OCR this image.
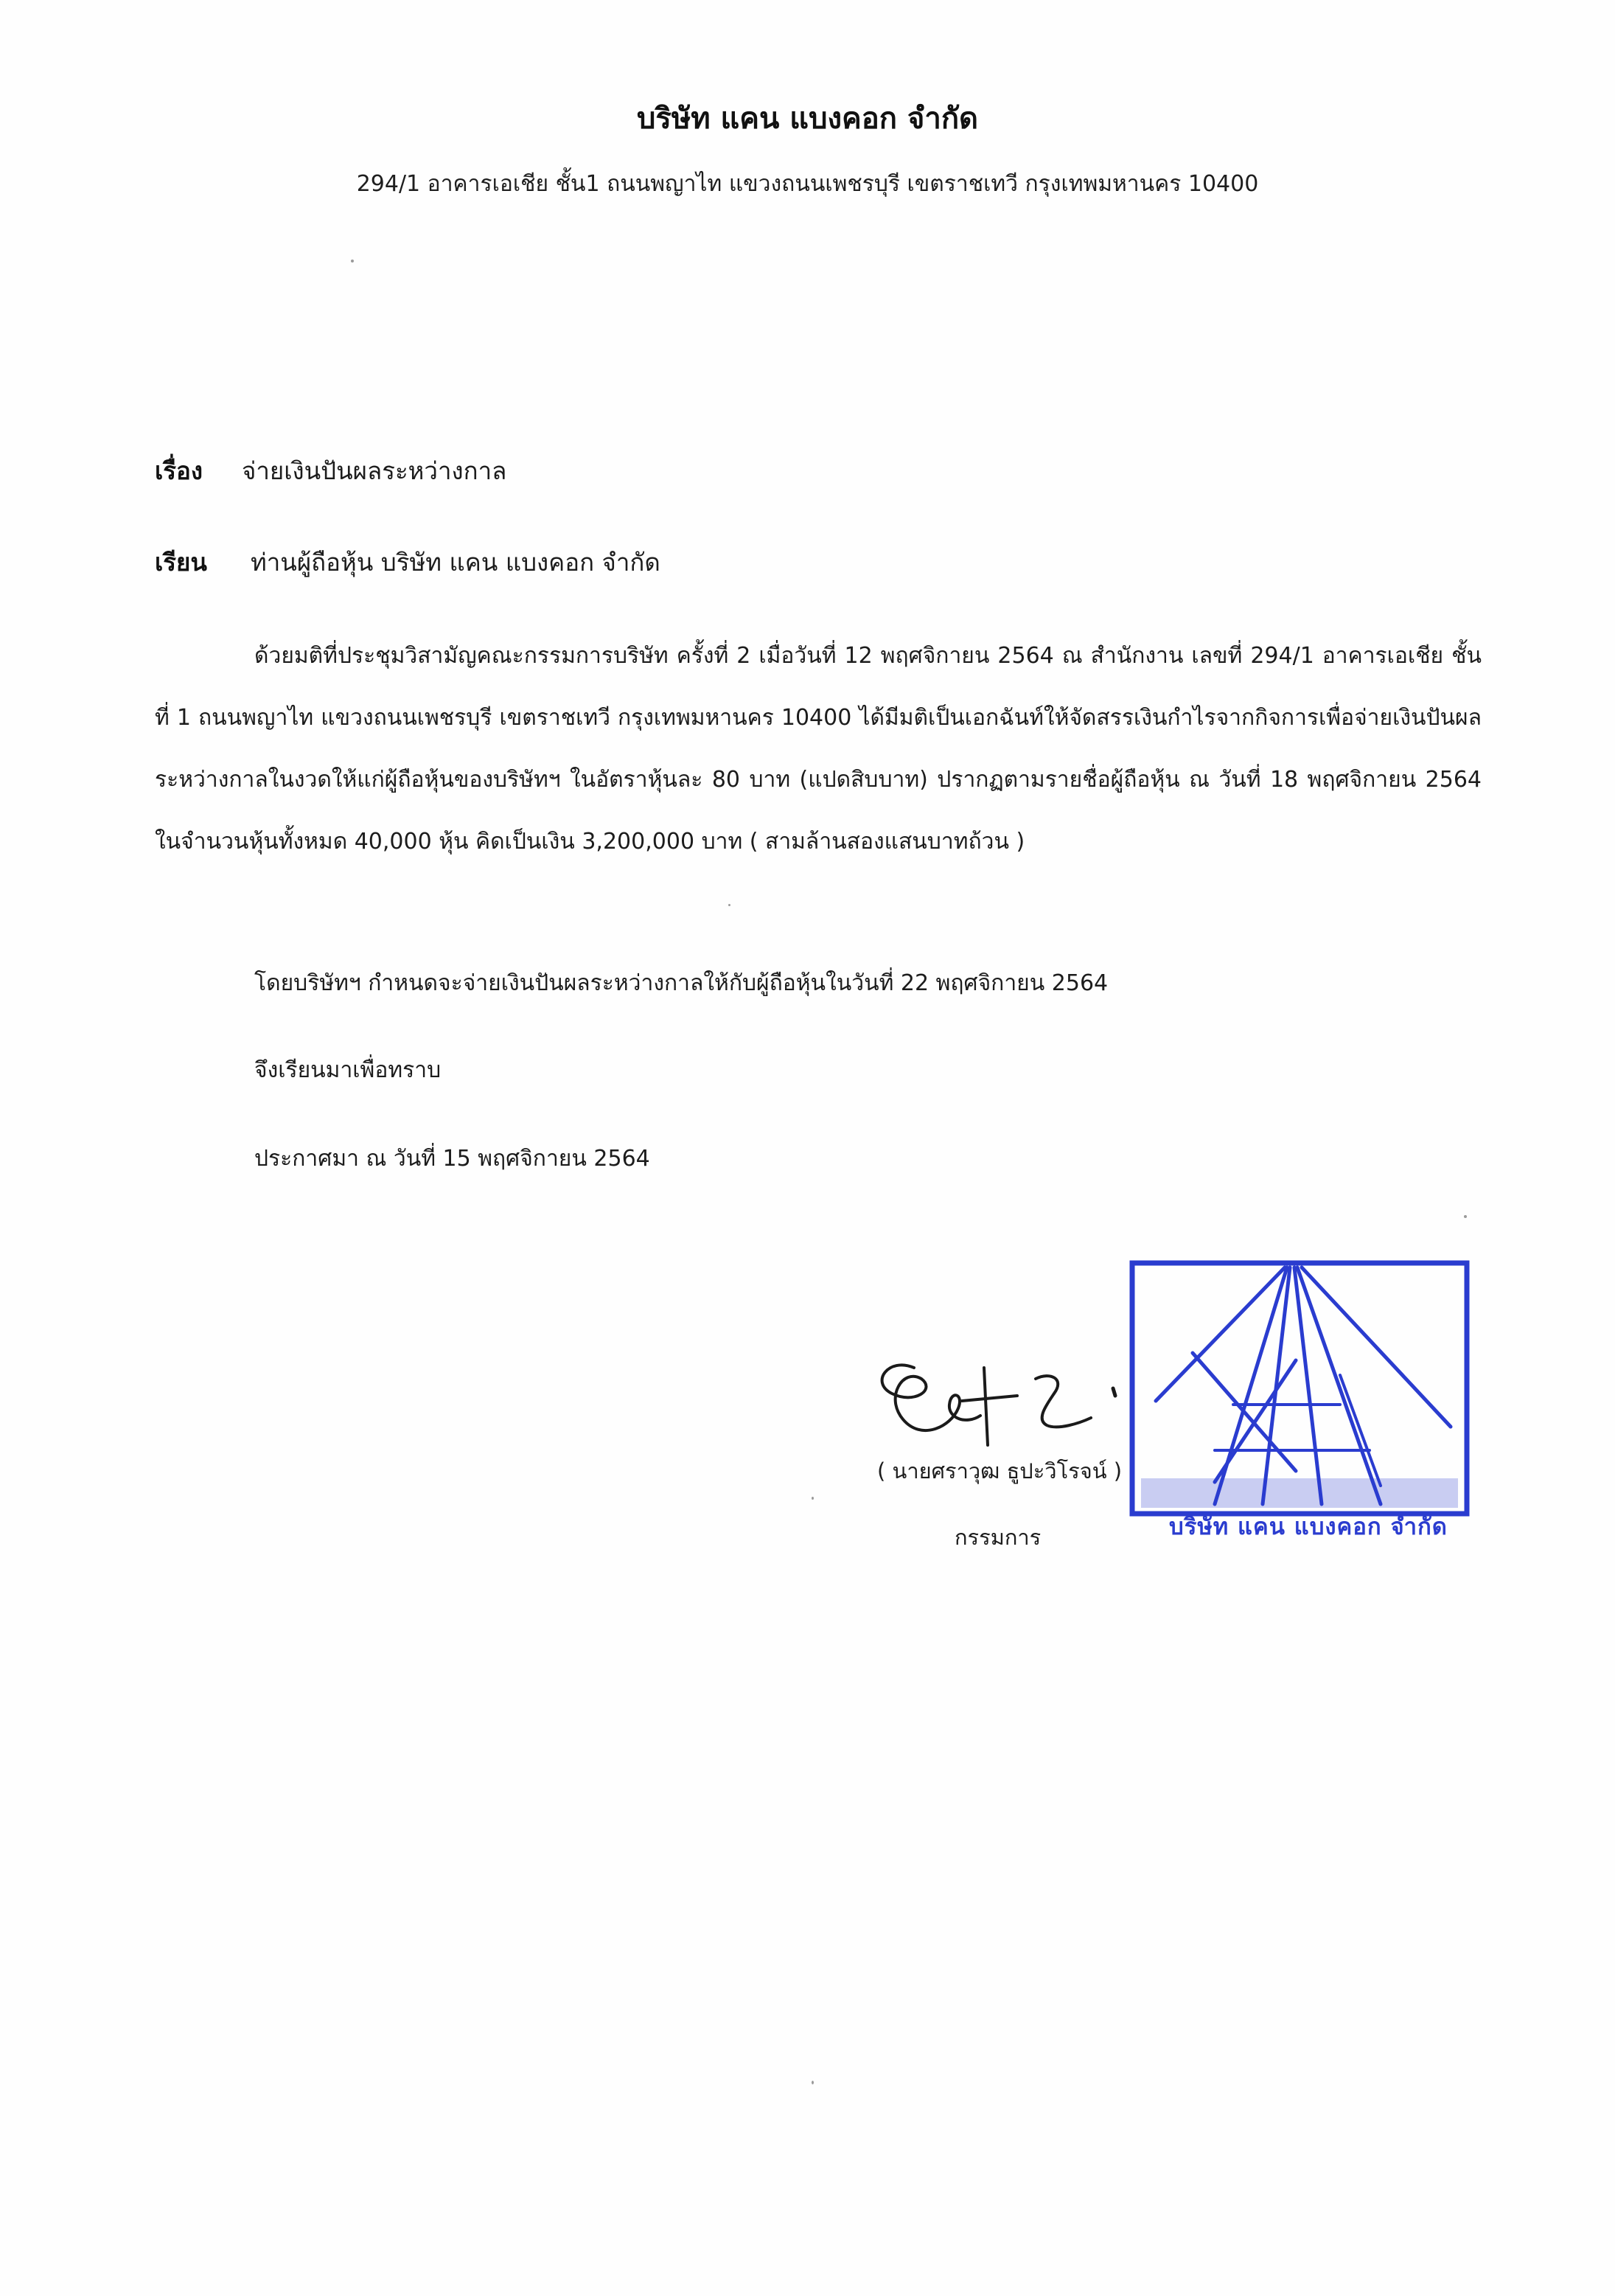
บริษัท แคน แบงคอก จำกัด

294/1 อาคารเอเชีย ชั้น1 ถนนพญาไท แขวงถนนเพชรบุรี เขตราชเทวี กรุงเทพมหานคร 10400

เรื่อง จ่ายเงินปันผลระหว่างกาล
เรียน ท่านผู้ถือหุ้น บริษัท แคน แบงคอก จำกัด

ด้วยมติที่ประชุมวิสามัญคณะกรรมการบริษัท ครั้งที่ 2 เมื่อวันที่ 12 พฤศจิกายน 2564 ณ สำนักงาน เลขที่ 294/1 อาคารเอเชีย ชั้นที่ 1 ถนนพญาไท แขวงถนนเพชรบุรี เขตราชเทวี กรุงเทพมหานคร 10400 ได้มีมติเป็นเอกฉันท์ให้จัดสรรเงินกำไรจากกิจการเพื่อจ่ายเงินปันผลระหว่างกาลในงวดให้แก่ผู้ถือหุ้นของบริษัทฯ ในอัตราหุ้นละ 80 บาท (แปดสิบบาท) ปรากฏตามรายชื่อผู้ถือหุ้น ณ วันที่ 18 พฤศจิกายน 2564 ในจำนวนหุ้นทั้งหมด 40,000 หุ้น คิดเป็นเงิน 3,200,000 บาท ( สามล้านสองแสนบาทถ้วน )

โดยบริษัทฯ กำหนดจะจ่ายเงินปันผลระหว่างกาลให้กับผู้ถือหุ้นในวันที่ 22 พฤศจิกายน 2564

จึงเรียนมาเพื่อทราบ

ประกาศมา ณ วันที่ 15 พฤศจิกายน 2564

( นายศราวุฒ ธูปะวิโรจน์ )
กรรมการ	บริษัท แคน แบงคอก จำกัด
